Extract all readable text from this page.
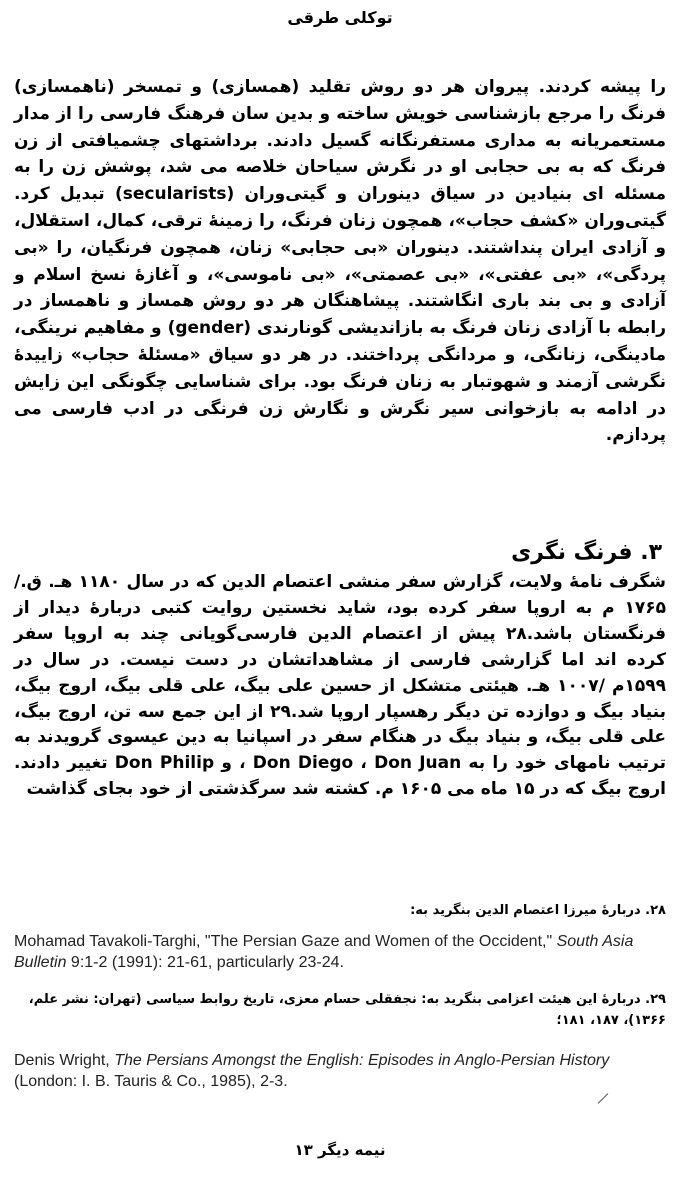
توکلی طرقی

را پیشه کردند. پیروان هر دو روش تقلید (همسازی) و تمسخر (ناهمسازی) فرنگ را مرجع بازشناسی خویش ساخته و بدین سان فرهنگ فارسی را از مدار مستعمریانه به مداری مستفرنگانه گسیل دادند. برداشتهای چشمیافتی از زن فرنگ که به بی حجابی او در نگرش سیاحان خلاصه می شد، پوشش زن را به مسئله ای بنیادین در سیاق دینوران و گیتی‌وران (secularists) تبدیل کرد. گیتی‌وران «کشف حجاب»، همچون زنان فرنگ، را زمینهٔ ترقی، کمال، استقلال، و آزادی ایران پنداشتند. دینوران «بی حجابی» زنان، همچون فرنگیان، را «بی پردگی»، «بی عفتی»، «بی عصمتی»، «بی ناموسی»، و آغازهٔ نسخ اسلام و آزادی و بی بند باری انگاشتند. پیشاهنگان هر دو روش همساز و ناهمساز در رابطه با آزادی زنان فرنگ به بازاندیشی گونارندی (gender) و مفاهیم نرینگی، مادینگی، زنانگی، و مردانگی پرداختند. در هر دو سیاق «مسئلهٔ حجاب» زاییدهٔ نگرشی آزمند و شهوتبار به زنان فرنگ بود. برای شناسایی چگونگی این زایش در ادامه به بازخوانی سیر نگرش و نگارش زن فرنگی در ادب فارسی می پردازم.

۳. فرنگ نگری

شگرف نامهٔ ولایت، گزارش سفر منشی اعتصام الدین که در سال ۱۱۸۰ هـ. ق./ ۱۷۶۵ م به اروپا سفر کرده بود، شاید نخستین روایت کتبی دربارهٔ دیدار از فرنگستان باشد.۲۸ پیش از اعتصام الدین فارسی‌گویانی چند به اروپا سفر کرده اند اما گزارشی فارسی از مشاهداتشان در دست نیست. در سال در ۱۵۹۹م /۱۰۰۷ هـ. هیئتی متشکل از حسین علی بیگ، علی قلی بیگ، اروج بیگ، بنیاد بیگ و دوازده تن دیگر رهسپار اروپا شد.۲۹ از این جمع سه تن، اروج بیگ، علی قلی بیگ، و بنیاد بیگ در هنگام سفر در اسپانیا به دین عیسوی گرویدند به ترتیب نامهای خود را به Don Diego ، Don Juan ، و Don Philip تغییر دادند. اروج بیگ که در ۱۵ ماه می ۱۶۰۵ م. کشته شد سرگذشتی از خود بجای گذاشت

۲۸. دربارهٔ میرزا اعتصام الدین بنگرید به:
Mohamad Tavakoli-Targhi, "The Persian Gaze and Women of the Occident," South Asia Bulletin 9:1-2 (1991): 21-61, particularly 23-24.
۲۹. دربارهٔ این هیئت اعزامی بنگرید به: نجفقلی حسام معزی، تاریخ روابط سیاسی (تهران: نشر علم، ۱۳۶۶)، ۱۸۷، ۱۸۱؛
Denis Wright, The Persians Amongst the English: Episodes in Anglo-Persian History (London: I. B. Tauris & Co., 1985), 2-3.
نیمه دیگر ۱۳
